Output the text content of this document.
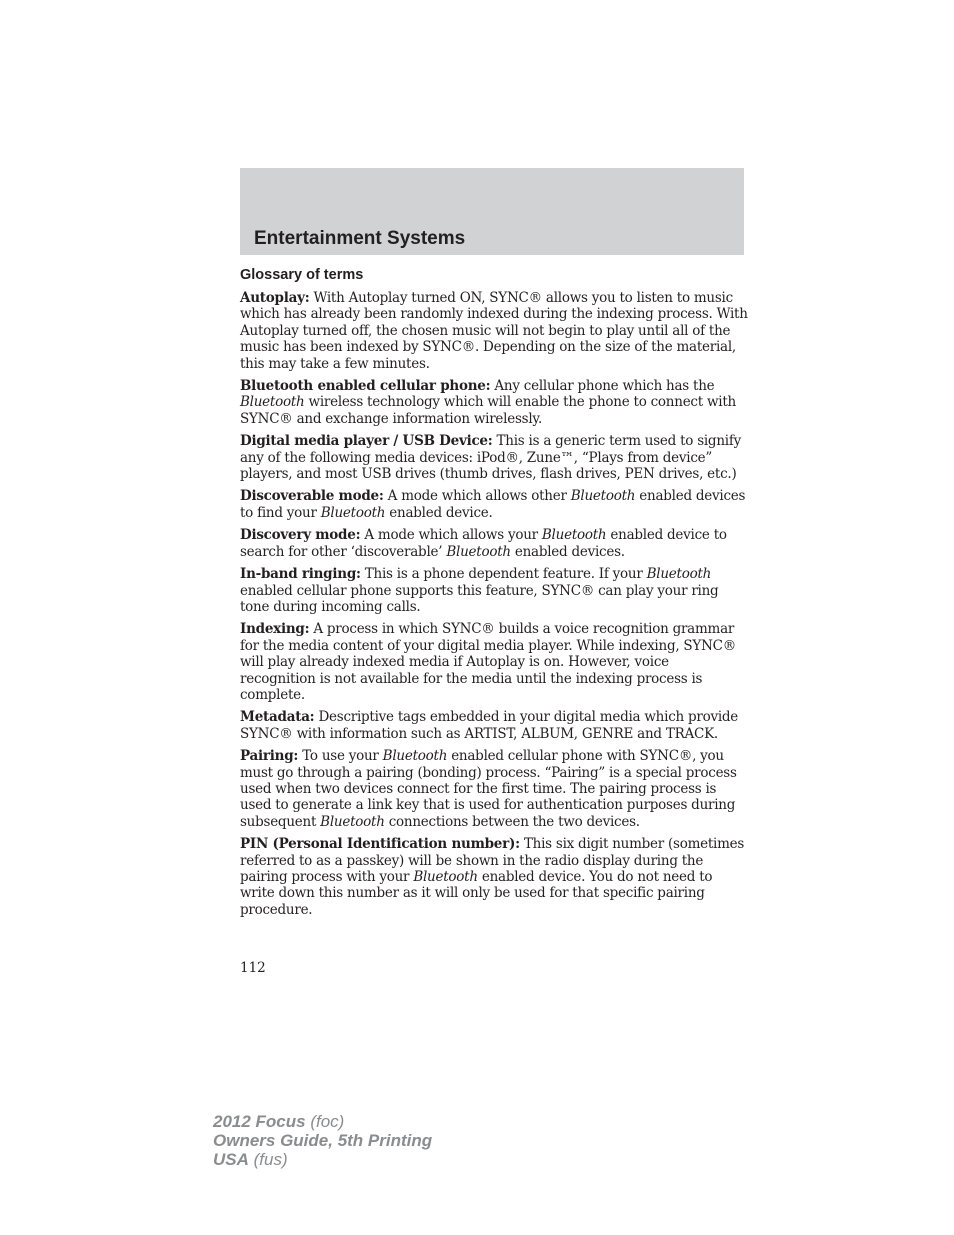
Entertainment Systems
Glossary of terms

Autoplay: With Autoplay turned ON, SYNC® allows you to listen to music which has already been randomly indexed during the indexing process. With Autoplay turned off, the chosen music will not begin to play until all of the music has been indexed by SYNC®. Depending on the size of the material, this may take a few minutes.

Bluetooth enabled cellular phone: Any cellular phone which has the Bluetooth wireless technology which will enable the phone to connect with SYNC® and exchange information wirelessly.

Digital media player / USB Device: This is a generic term used to signify any of the following media devices: iPod®, Zune™, “Plays from device” players, and most USB drives (thumb drives, flash drives, PEN drives, etc.)

Discoverable mode: A mode which allows other Bluetooth enabled devices to find your Bluetooth enabled device.

Discovery mode: A mode which allows your Bluetooth enabled device to search for other ‘discoverable’ Bluetooth enabled devices.

In-band ringing: This is a phone dependent feature. If your Bluetooth enabled cellular phone supports this feature, SYNC® can play your ring tone during incoming calls.

Indexing: A process in which SYNC® builds a voice recognition grammar for the media content of your digital media player. While indexing, SYNC® will play already indexed media if Autoplay is on. However, voice recognition is not available for the media until the indexing process is complete.

Metadata: Descriptive tags embedded in your digital media which provide SYNC® with information such as ARTIST, ALBUM, GENRE and TRACK.

Pairing: To use your Bluetooth enabled cellular phone with SYNC®, you must go through a pairing (bonding) process. “Pairing” is a special process used when two devices connect for the first time. The pairing process is used to generate a link key that is used for authentication purposes during subsequent Bluetooth connections between the two devices.

PIN (Personal Identification number): This six digit number (sometimes referred to as a passkey) will be shown in the radio display during the pairing process with your Bluetooth enabled device. You do not need to write down this number as it will only be used for that specific pairing procedure.

112
2012 Focus (foc)
Owners Guide, 5th Printing
USA (fus)
